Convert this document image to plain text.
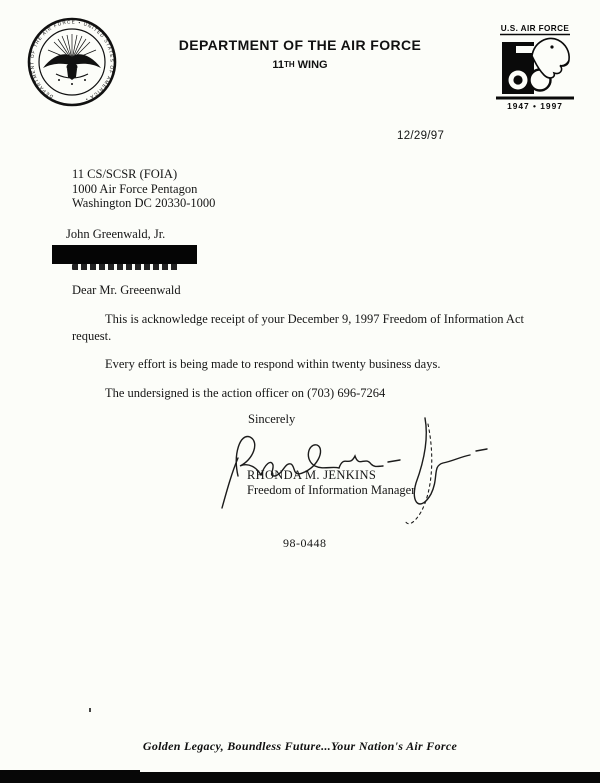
DEPARTMENT OF THE AIR FORCE • UNITED STATES OF AMERICA •
DEPARTMENT OF THE AIR FORCE
11TH WING
U.S. AIR FORCE
1947 • 1997
12/29/97
11 CS/SCSR (FOIA)
1000 Air Force Pentagon
Washington DC 20330-1000
John Greenwald, Jr.
Dear Mr. Greeenwald

This is acknowledge receipt of your December 9, 1997 Freedom of Information Act request.

Every effort is being made to respond within twenty business days.

The undersigned is the action officer on (703) 696-7264

Sincerely
RHONDA M. JENKINS
Freedom of Information Manager
98-0448
Golden Legacy, Boundless Future...Your Nation's Air Force
